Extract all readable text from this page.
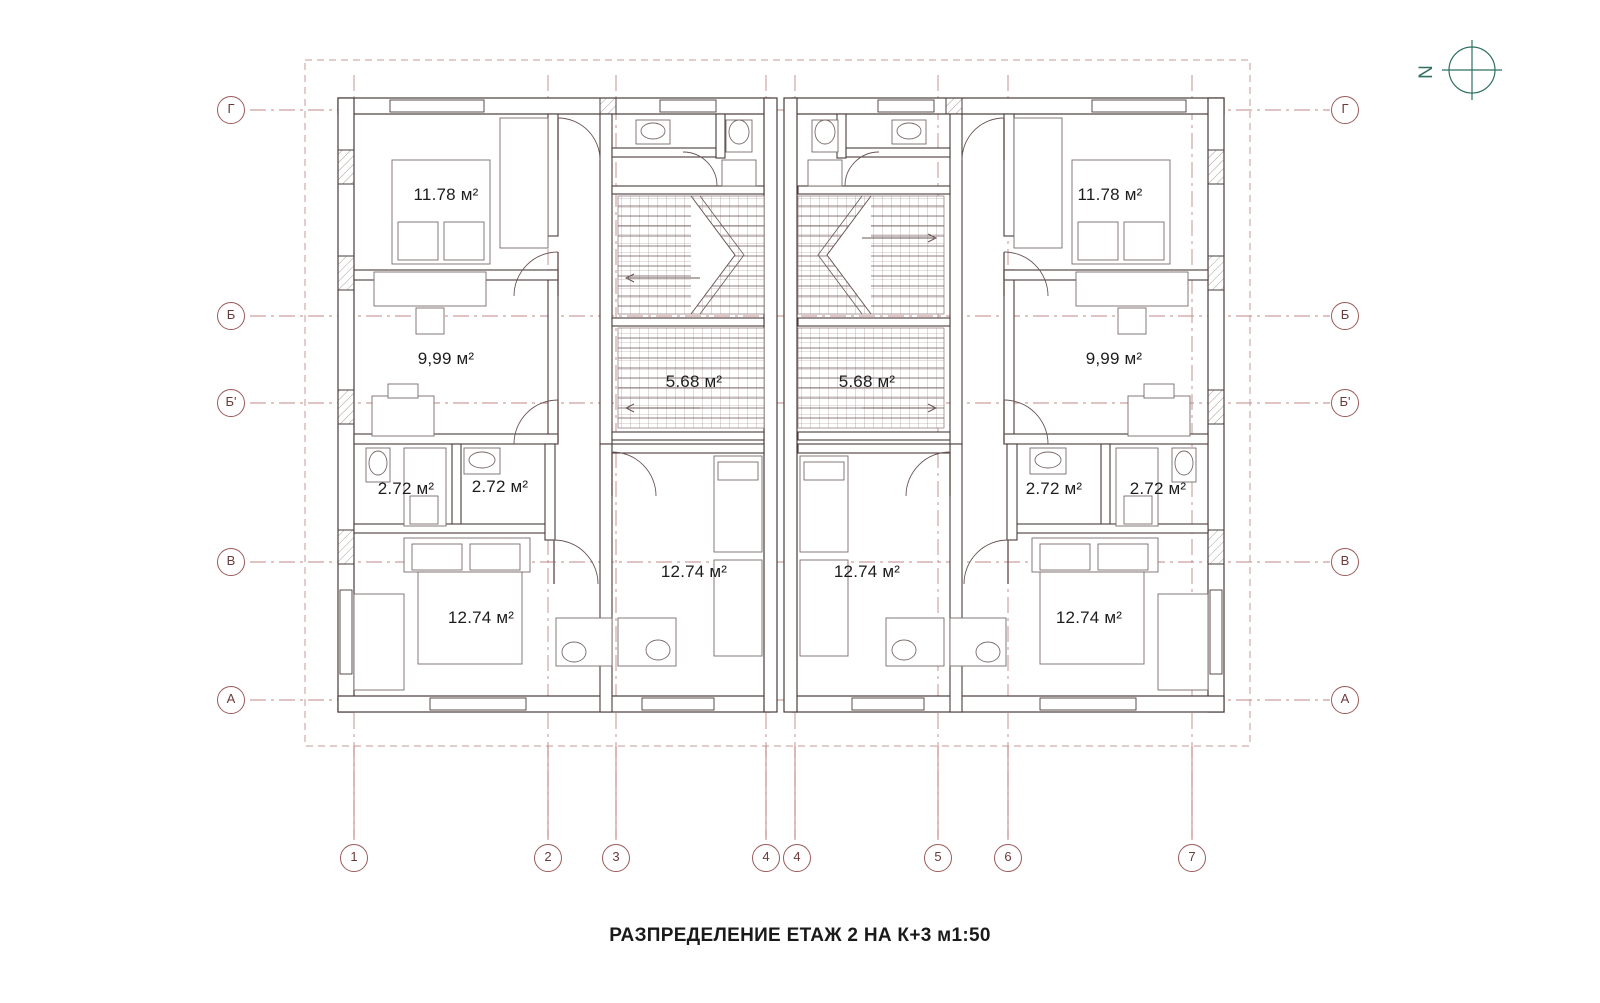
N
Г
Б
Б'
В
А
Г
Б
Б'
В
А
1	2	3	4	4	5	6	7
11.78 м²
9,99 м²
2.72 м² 2.72 м²
12.74 м²
5.68 м²
12.74 м²
5.68 м²
12.74 м²
11.78 м²
9,99 м²
2.72 м²	2.72 м²
12.74 м²
РАЗПРЕДЕЛЕНИЕ ЕТАЖ 2 НА К+3 м1:50
